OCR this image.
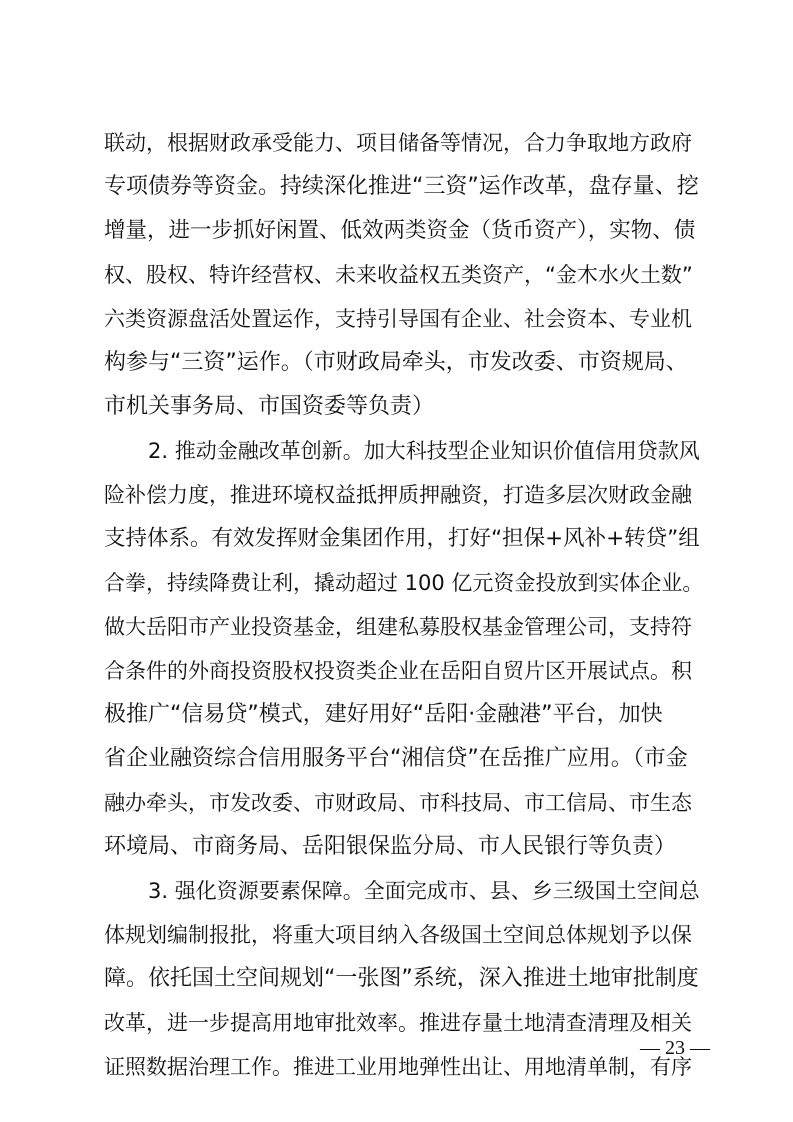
联动，根据财政承受能力、项目储备等情况，合力争取地方政府
专项债券等资金。持续深化推进“三资”运作改革，盘存量、挖
增量，进一步抓好闲置、低效两类资金（货币资产），实物、债
权、股权、特许经营权、未来收益权五类资产，“金木水火土数”
六类资源盘活处置运作，支持引导国有企业、社会资本、专业机
构参与“三资”运作。（市财政局牵头，市发改委、市资规局、
市机关事务局、市国资委等负责）
2. 推动金融改革创新。加大科技型企业知识价值信用贷款风
险补偿力度，推进环境权益抵押质押融资，打造多层次财政金融
支持体系。有效发挥财金集团作用，打好“担保+风补+转贷”组
合拳，持续降费让利，撬动超过 100 亿元资金投放到实体企业。
做大岳阳市产业投资基金，组建私募股权基金管理公司，支持符
合条件的外商投资股权投资类企业在岳阳自贸片区开展试点。积
极推广“信易贷”模式，建好用好“岳阳·金融港”平台，加快
省企业融资综合信用服务平台“湘信贷”在岳推广应用。（市金
融办牵头，市发改委、市财政局、市科技局、市工信局、市生态
环境局、市商务局、岳阳银保监分局、市人民银行等负责）
3. 强化资源要素保障。全面完成市、县、乡三级国土空间总
体规划编制报批，将重大项目纳入各级国土空间总体规划予以保
障。依托国土空间规划“一张图”系统，深入推进土地审批制度
改革，进一步提高用地审批效率。推进存量土地清查清理及相关
证照数据治理工作。推进工业用地弹性出让、用地清单制，有序
— 23 —
